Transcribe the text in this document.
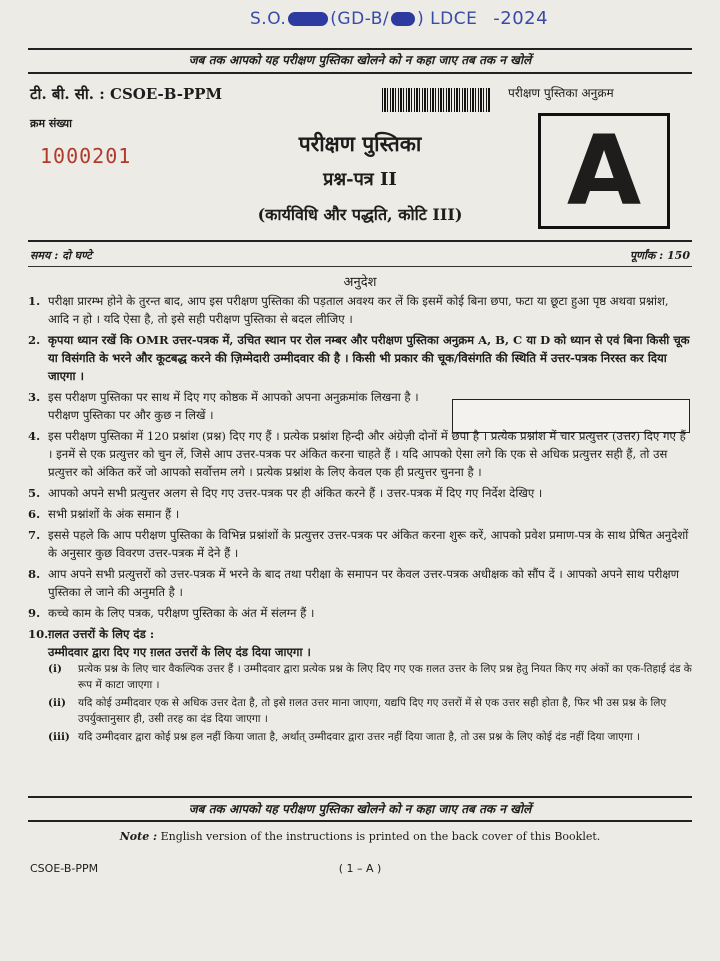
S.O.	(GD-B/ ) LDCE -2024
जब तक आपको यह परीक्षण पुस्तिका खोलने को न कहा जाए तब तक न खोलें
टी. बी. सी. : CSOE-B-PPM	परीक्षण पुस्तिका अनुक्रम
क्रम संख्या
1000201	परीक्षण पुस्तिका
प्रश्न-पत्र II
(कार्यविधि और पद्धति, कोटि III)	A
समय : दो घण्टे	पूर्णांक : 150
अनुदेश
1. परीक्षा प्रारम्भ होने के तुरन्त बाद, आप इस परीक्षण पुस्तिका की पड़ताल अवश्य कर लें कि इसमें कोई बिना छपा, फटा या छूटा हुआ पृष्ठ अथवा प्रश्नांश, आदि न हो । यदि ऐसा है, तो इसे सही परीक्षण पुस्तिका से बदल लीजिए ।
2. कृपया ध्यान रखें कि OMR उत्तर-पत्रक में, उचित स्थान पर रोल नम्बर और परीक्षण पुस्तिका अनुक्रम A, B, C या D को ध्यान से एवं बिना किसी चूक या विसंगति के भरने और कूटबद्ध करने की ज़िम्मेदारी उम्मीदवार की है । किसी भी प्रकार की चूक/विसंगति की स्थिति में उत्तर-पत्रक निरस्त कर दिया जाएगा ।
3. इस परीक्षण पुस्तिका पर साथ में दिए गए कोष्ठक में आपको अपना अनुक्रमांक लिखना है । परीक्षण पुस्तिका पर और कुछ न लिखें ।
4. इस परीक्षण पुस्तिका में 120 प्रश्नांश (प्रश्न) दिए गए हैं । प्रत्येक प्रश्नांश हिन्दी और अंग्रेज़ी दोनों में छपा है । प्रत्येक प्रश्नांश में चार प्रत्युत्तर (उत्तर) दिए गए हैं । इनमें से एक प्रत्युत्तर को चुन लें, जिसे आप उत्तर-पत्रक पर अंकित करना चाहते हैं । यदि आपको ऐसा लगे कि एक से अधिक प्रत्युत्तर सही हैं, तो उस प्रत्युत्तर को अंकित करें जो आपको सर्वोत्तम लगे । प्रत्येक प्रश्नांश के लिए केवल एक ही प्रत्युत्तर चुनना है ।
5. आपको अपने सभी प्रत्युत्तर अलग से दिए गए उत्तर-पत्रक पर ही अंकित करने हैं । उत्तर-पत्रक में दिए गए निर्देश देखिए ।
6. सभी प्रश्नांशों के अंक समान हैं ।
7. इससे पहले कि आप परीक्षण पुस्तिका के विभिन्न प्रश्नांशों के प्रत्युत्तर उत्तर-पत्रक पर अंकित करना शुरू करें, आपको प्रवेश प्रमाण-पत्र के साथ प्रेषित अनुदेशों के अनुसार कुछ विवरण उत्तर-पत्रक में देने हैं ।
8. आप अपने सभी प्रत्युत्तरों को उत्तर-पत्रक में भरने के बाद तथा परीक्षा के समापन पर केवल उत्तर-पत्रक अधीक्षक को सौंप दें । आपको अपने साथ परीक्षण पुस्तिका ले जाने की अनुमति है ।
9. कच्चे काम के लिए पत्रक, परीक्षण पुस्तिका के अंत में संलग्न हैं ।
10. ग़लत उत्तरों के लिए दंड :
उम्मीदवार द्वारा दिए गए ग़लत उत्तरों के लिए दंड दिया जाएगा ।
(i) प्रत्येक प्रश्न के लिए चार वैकल्पिक उत्तर हैं । उम्मीदवार द्वारा प्रत्येक प्रश्न के लिए दिए गए एक ग़लत उत्तर के लिए प्रश्न हेतु नियत किए गए अंकों का एक-तिहाई दंड के रूप में काटा जाएगा ।
(ii) यदि कोई उम्मीदवार एक से अधिक उत्तर देता है, तो इसे ग़लत उत्तर माना जाएगा, यद्यपि दिए गए उत्तरों में से एक उत्तर सही होता है, फिर भी उस प्रश्न के लिए उपर्युक्तानुसार ही, उसी तरह का दंड दिया जाएगा ।
(iii) यदि उम्मीदवार द्वारा कोई प्रश्न हल नहीं किया जाता है, अर्थात् उम्मीदवार द्वारा उत्तर नहीं दिया जाता है, तो उस प्रश्न के लिए कोई दंड नहीं दिया जाएगा ।
जब तक आपको यह परीक्षण पुस्तिका खोलने को न कहा जाए तब तक न खोलें
Note : English version of the instructions is printed on the back cover of this Booklet.
CSOE-B-PPM	( 1 – A )
